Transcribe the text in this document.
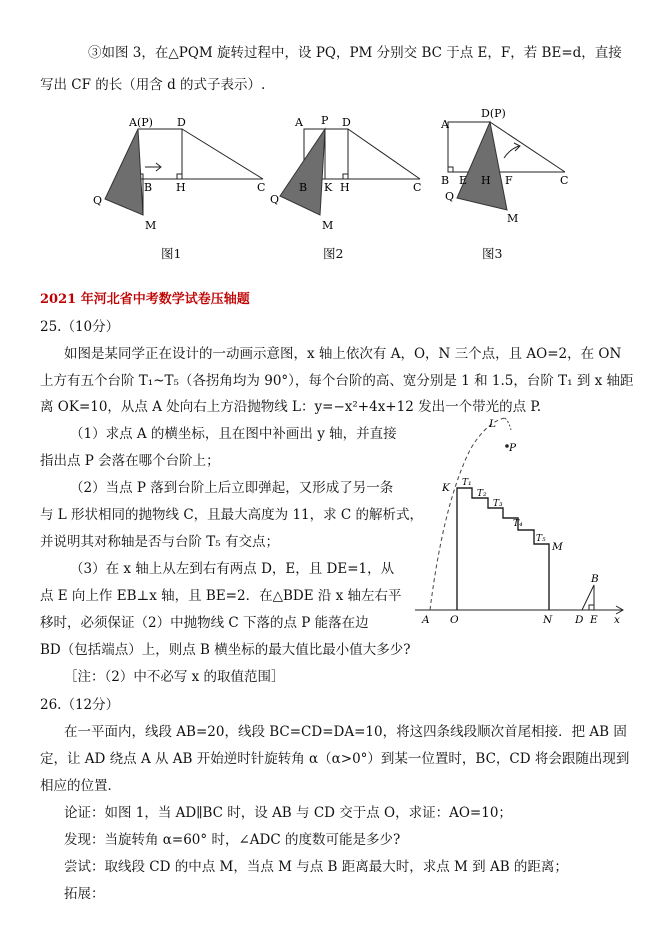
③如图 3，在△PQM 旋转过程中，设 PQ，PM 分别交 BC 于点 E，F，若 BE=d，直接
写出 CF 的长（用含 d 的式子表示）.
A(P) D
B H	C
Q
M
图1
A P D
B K H	C
Q
M
图2
A
D(P)
B E H F	C
Q
M
图3
2021 年河北省中考数学试卷压轴题
25.（10分）
如图是某同学正在设计的一动画示意图，x 轴上依次有 A，O，N 三个点，且 AO=2，在 ON
上方有五个台阶 T₁~T₅（各拐角均为 90°），每个台阶的高、宽分别是 1 和 1.5，台阶 T₁ 到 x 轴距
离 OK=10，从点 A 处向右上方沿抛物线 L：y=−x²+4x+12 发出一个带光的点 P.
（1）求点 A 的横坐标，且在图中补画出 y 轴，并直接
指出点 P 会落在哪个台阶上；
（2）当点 P 落到台阶上后立即弹起，又形成了另一条
与 L 形状相同的抛物线 C，且最大高度为 11，求 C 的解析式，
并说明其对称轴是否与台阶 T₅ 有交点；
（3）在 x 轴上从左到右有两点 D，E，且 DE=1，从
点 E 向上作 EB⊥x 轴，且 BE=2．在△BDE 沿 x 轴左右平
移时，必须保证（2）中抛物线 C 下落的点 P 能落在边
BD（包括端点）上，则点 B 横坐标的最大值比最小值大多少?
［注：（2）中不必写 x 的取值范围］
L
P
K T₁
T₂
T₃
T₄
T₅
M
A O	N D E
B
x
26.（12分）
在一平面内，线段 AB=20，线段 BC=CD=DA=10，将这四条线段顺次首尾相接．把 AB 固
定，让 AD 绕点 A 从 AB 开始逆时针旋转角 α（α>0°）到某一位置时，BC，CD 将会跟随出现到
相应的位置．
论证：如图 1，当 AD∥BC 时，设 AB 与 CD 交于点 O，求证：AO=10；
发现：当旋转角 α=60° 时，∠ADC 的度数可能是多少?
尝试：取线段 CD 的中点 M，当点 M 与点 B 距离最大时，求点 M 到 AB 的距离；
拓展：
